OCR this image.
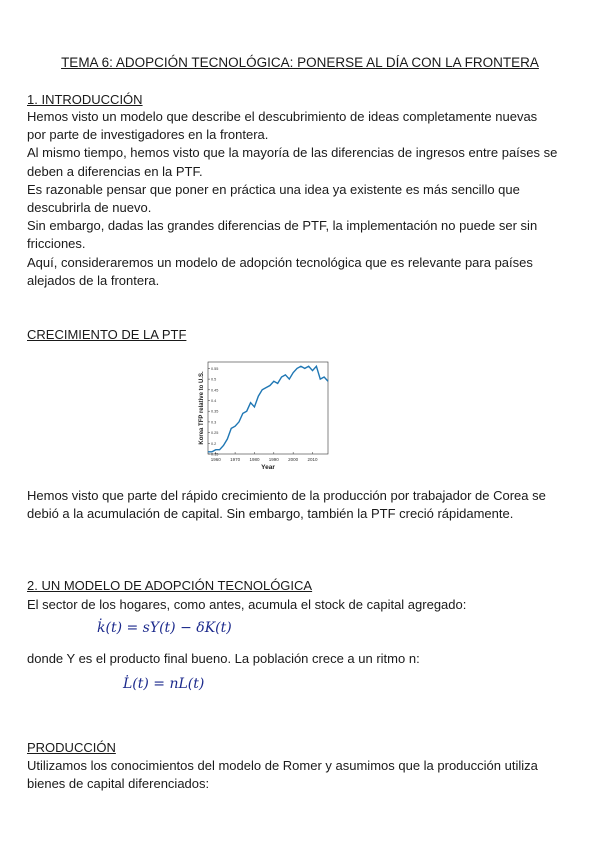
TEMA 6: ADOPCIÓN TECNOLÓGICA: PONERSE AL DÍA CON LA FRONTERA
1. INTRODUCCIÓN

Hemos visto un modelo que describe el descubrimiento de ideas completamente nuevas

por parte de investigadores en la frontera.

Al mismo tiempo, hemos visto que la mayoría de las diferencias de ingresos entre países se

deben a diferencias en la PTF.

Es razonable pensar que poner en práctica una idea ya existente es más sencillo que

descubrirla de nuevo.

Sin embargo, dadas las grandes diferencias de PTF, la implementación no puede ser sin

fricciones.

Aquí, consideraremos un modelo de adopción tecnológica que es relevante para países

alejados de la frontera.

CRECIMIENTO DE LA PTF
1960 1970 1980 1990 2000 2010
0.15
0.2
0.25
0.3
0.35
0.4
0.45
0.5
0.55
Year
Korea TFP relative to U.S.

Hemos visto que parte del rápido crecimiento de la producción por trabajador de Corea se

debió a la acumulación de capital. Sin embargo, también la PTF creció rápidamente.

2. UN MODELO DE ADOPCIÓN TECNOLÓGICA
El sector de los hogares, como antes, acumula el stock de capital agregado:
k̇(t) = sY(t) − δK(t)
donde Y es el producto final bueno. La población crece a un ritmo n:
L̇(t) = nL(t)
PRODUCCIÓN

Utilizamos los conocimientos del modelo de Romer y asumimos que la producción utiliza

bienes de capital diferenciados:
